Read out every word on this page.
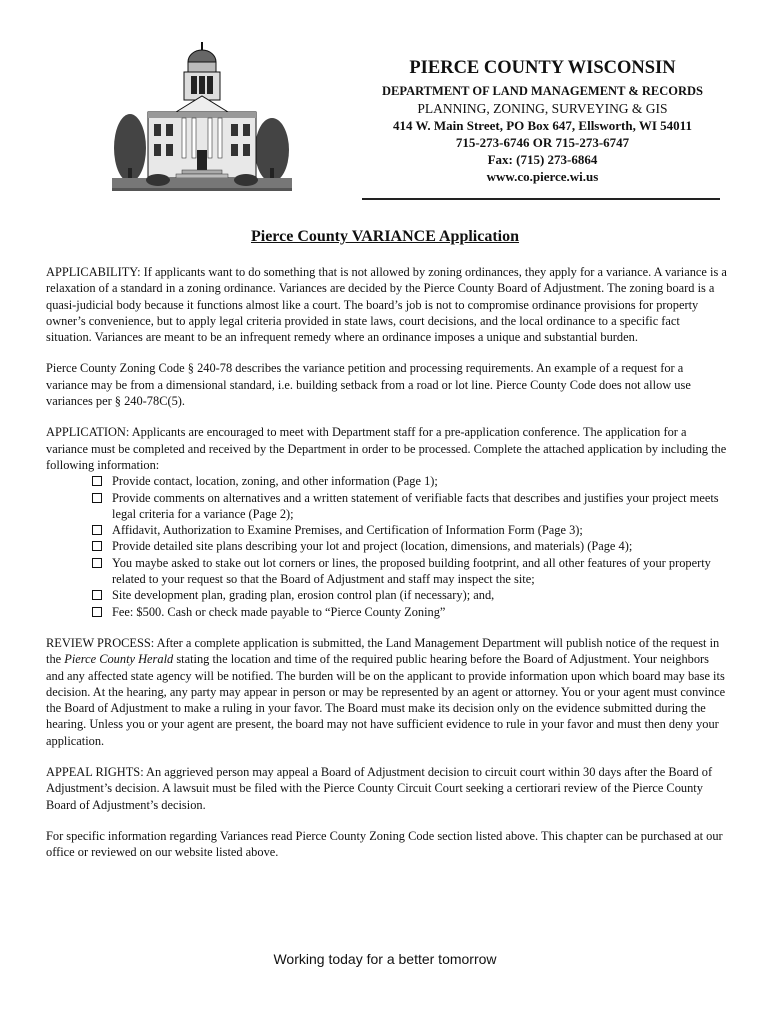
PIERCE COUNTY WISCONSIN
DEPARTMENT OF LAND MANAGEMENT & RECORDS
PLANNING, ZONING, SURVEYING & GIS
414 W. Main Street, PO Box 647, Ellsworth, WI 54011
715-273-6746 OR 715-273-6747
Fax: (715) 273-6864
www.co.pierce.wi.us
Pierce County VARIANCE Application

APPLICABILITY: If applicants want to do something that is not allowed by zoning ordinances, they apply for a variance. A variance is a relaxation of a standard in a zoning ordinance. Variances are decided by the Pierce County Board of Adjustment. The zoning board is a quasi-judicial body because it functions almost like a court. The board’s job is not to compromise ordinance provisions for property owner’s convenience, but to apply legal criteria provided in state laws, court decisions, and the local ordinance to a specific fact situation. Variances are meant to be an infrequent remedy where an ordinance imposes a unique and substantial burden.

Pierce County Zoning Code § 240-78 describes the variance petition and processing requirements. An example of a request for a variance may be from a dimensional standard, i.e. building setback from a road or lot line. Pierce County Code does not allow use variances per § 240-78C(5).

APPLICATION: Applicants are encouraged to meet with Department staff for a pre-application conference. The application for a variance must be completed and received by the Department in order to be processed. Complete the attached application by including the following information:

Provide contact, location, zoning, and other information (Page 1);
Provide comments on alternatives and a written statement of verifiable facts that describes and justifies your project meets legal criteria for a variance (Page 2);
Affidavit, Authorization to Examine Premises, and Certification of Information Form (Page 3);
Provide detailed site plans describing your lot and project (location, dimensions, and materials) (Page 4);
You maybe asked to stake out lot corners or lines, the proposed building footprint, and all other features of your property related to your request so that the Board of Adjustment and staff may inspect the site;
Site development plan, grading plan, erosion control plan (if necessary); and,
Fee: $500. Cash or check made payable to “Pierce County Zoning”

REVIEW PROCESS: After a complete application is submitted, the Land Management Department will publish notice of the request in the Pierce County Herald stating the location and time of the required public hearing before the Board of Adjustment. Your neighbors and any affected state agency will be notified. The burden will be on the applicant to provide information upon which board may base its decision. At the hearing, any party may appear in person or may be represented by an agent or attorney. You or your agent must convince the Board of Adjustment to make a ruling in your favor. The Board must make its decision only on the evidence submitted during the hearing. Unless you or your agent are present, the board may not have sufficient evidence to rule in your favor and must then deny your application.

APPEAL RIGHTS: An aggrieved person may appeal a Board of Adjustment decision to circuit court within 30 days after the Board of Adjustment’s decision. A lawsuit must be filed with the Pierce County Circuit Court seeking a certiorari review of the Pierce County Board of Adjustment’s decision.

For specific information regarding Variances read Pierce County Zoning Code section listed above. This chapter can be purchased at our office or reviewed on our website listed above.

Working today for a better tomorrow
